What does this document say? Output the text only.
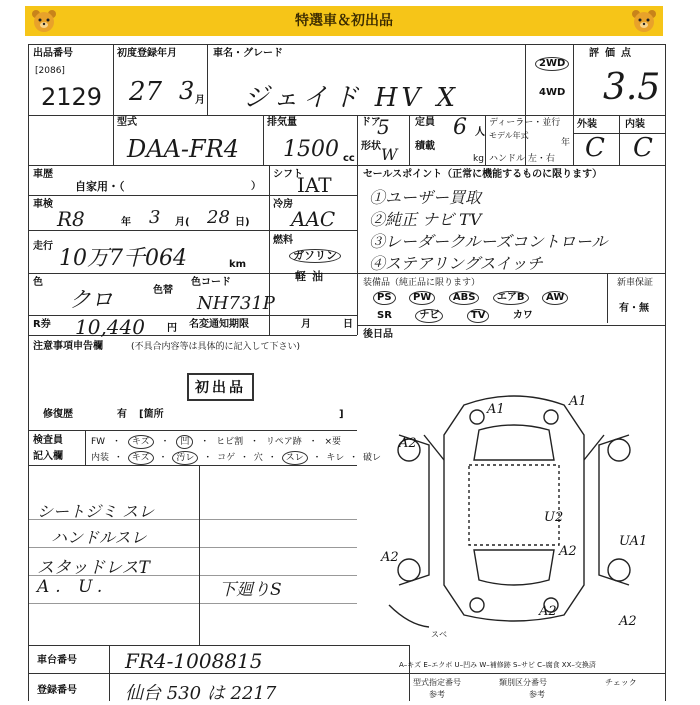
特選車＆初出品
出品番号
[2086]
2129
初度登録年月
27 3 月
車名・グレード
ジェイド HV X
2WD
4WD
評価点
3.5
型式
DAA-FR4
排気量
1500 cc
ドア
5
形状 W
定員 6 人
積載
kg
ディーラー・並行
モデル年式
年
ハンドル 左・右
外装	内装
C C
車歴
自家用・（	）
シフト
IAT
車検
R8	年 3 月( 28 日)
冷房
AAC
走行 10万7千064	km
燃料
ガソリン
軽油
色
クロ	色替
色コード
NH731P
R券 10,440 円 名変通知期限	月	日
注意事項申告欄	(不具合内容等は具体的に記入して下さい)
初出品
修復歴	有 [箇所	]
検査員
記入欄
FW ・ キズ ・ 凹 ・ ヒビ割 ・ リペア跡 ・ ×要
内装 ・ キズ ・ 汚レ ・ コゲ ・ 穴 ・ スレ ・ キレ ・ 破レ
シートジミ スレ
ハンドルスレ
スタッドレスT
A. U.	下廻りS
セールスポイント（正常に機能するものに限ります）
①ユーザー買取
②純正 ナビ TV
③レーダークルーズコントロール
④ステアリングスイッチ
装備品（純正品に限ります）
PS PW ABS エアB AW
SR	ナビ	TV	カワ
新車保証
有・無
後日品
A1
A1
A2
A2
U2
UA1
A2
A2
A2
スベ
A–キズ E–エクボ U–凹み W–補修跡 S–サビ C–腐食 XX–交換済
車台番号 FR4-1008815
登録番号	仙台 530 は 2217
型式指定番号	類別区分番号
参考	参考
チェック
